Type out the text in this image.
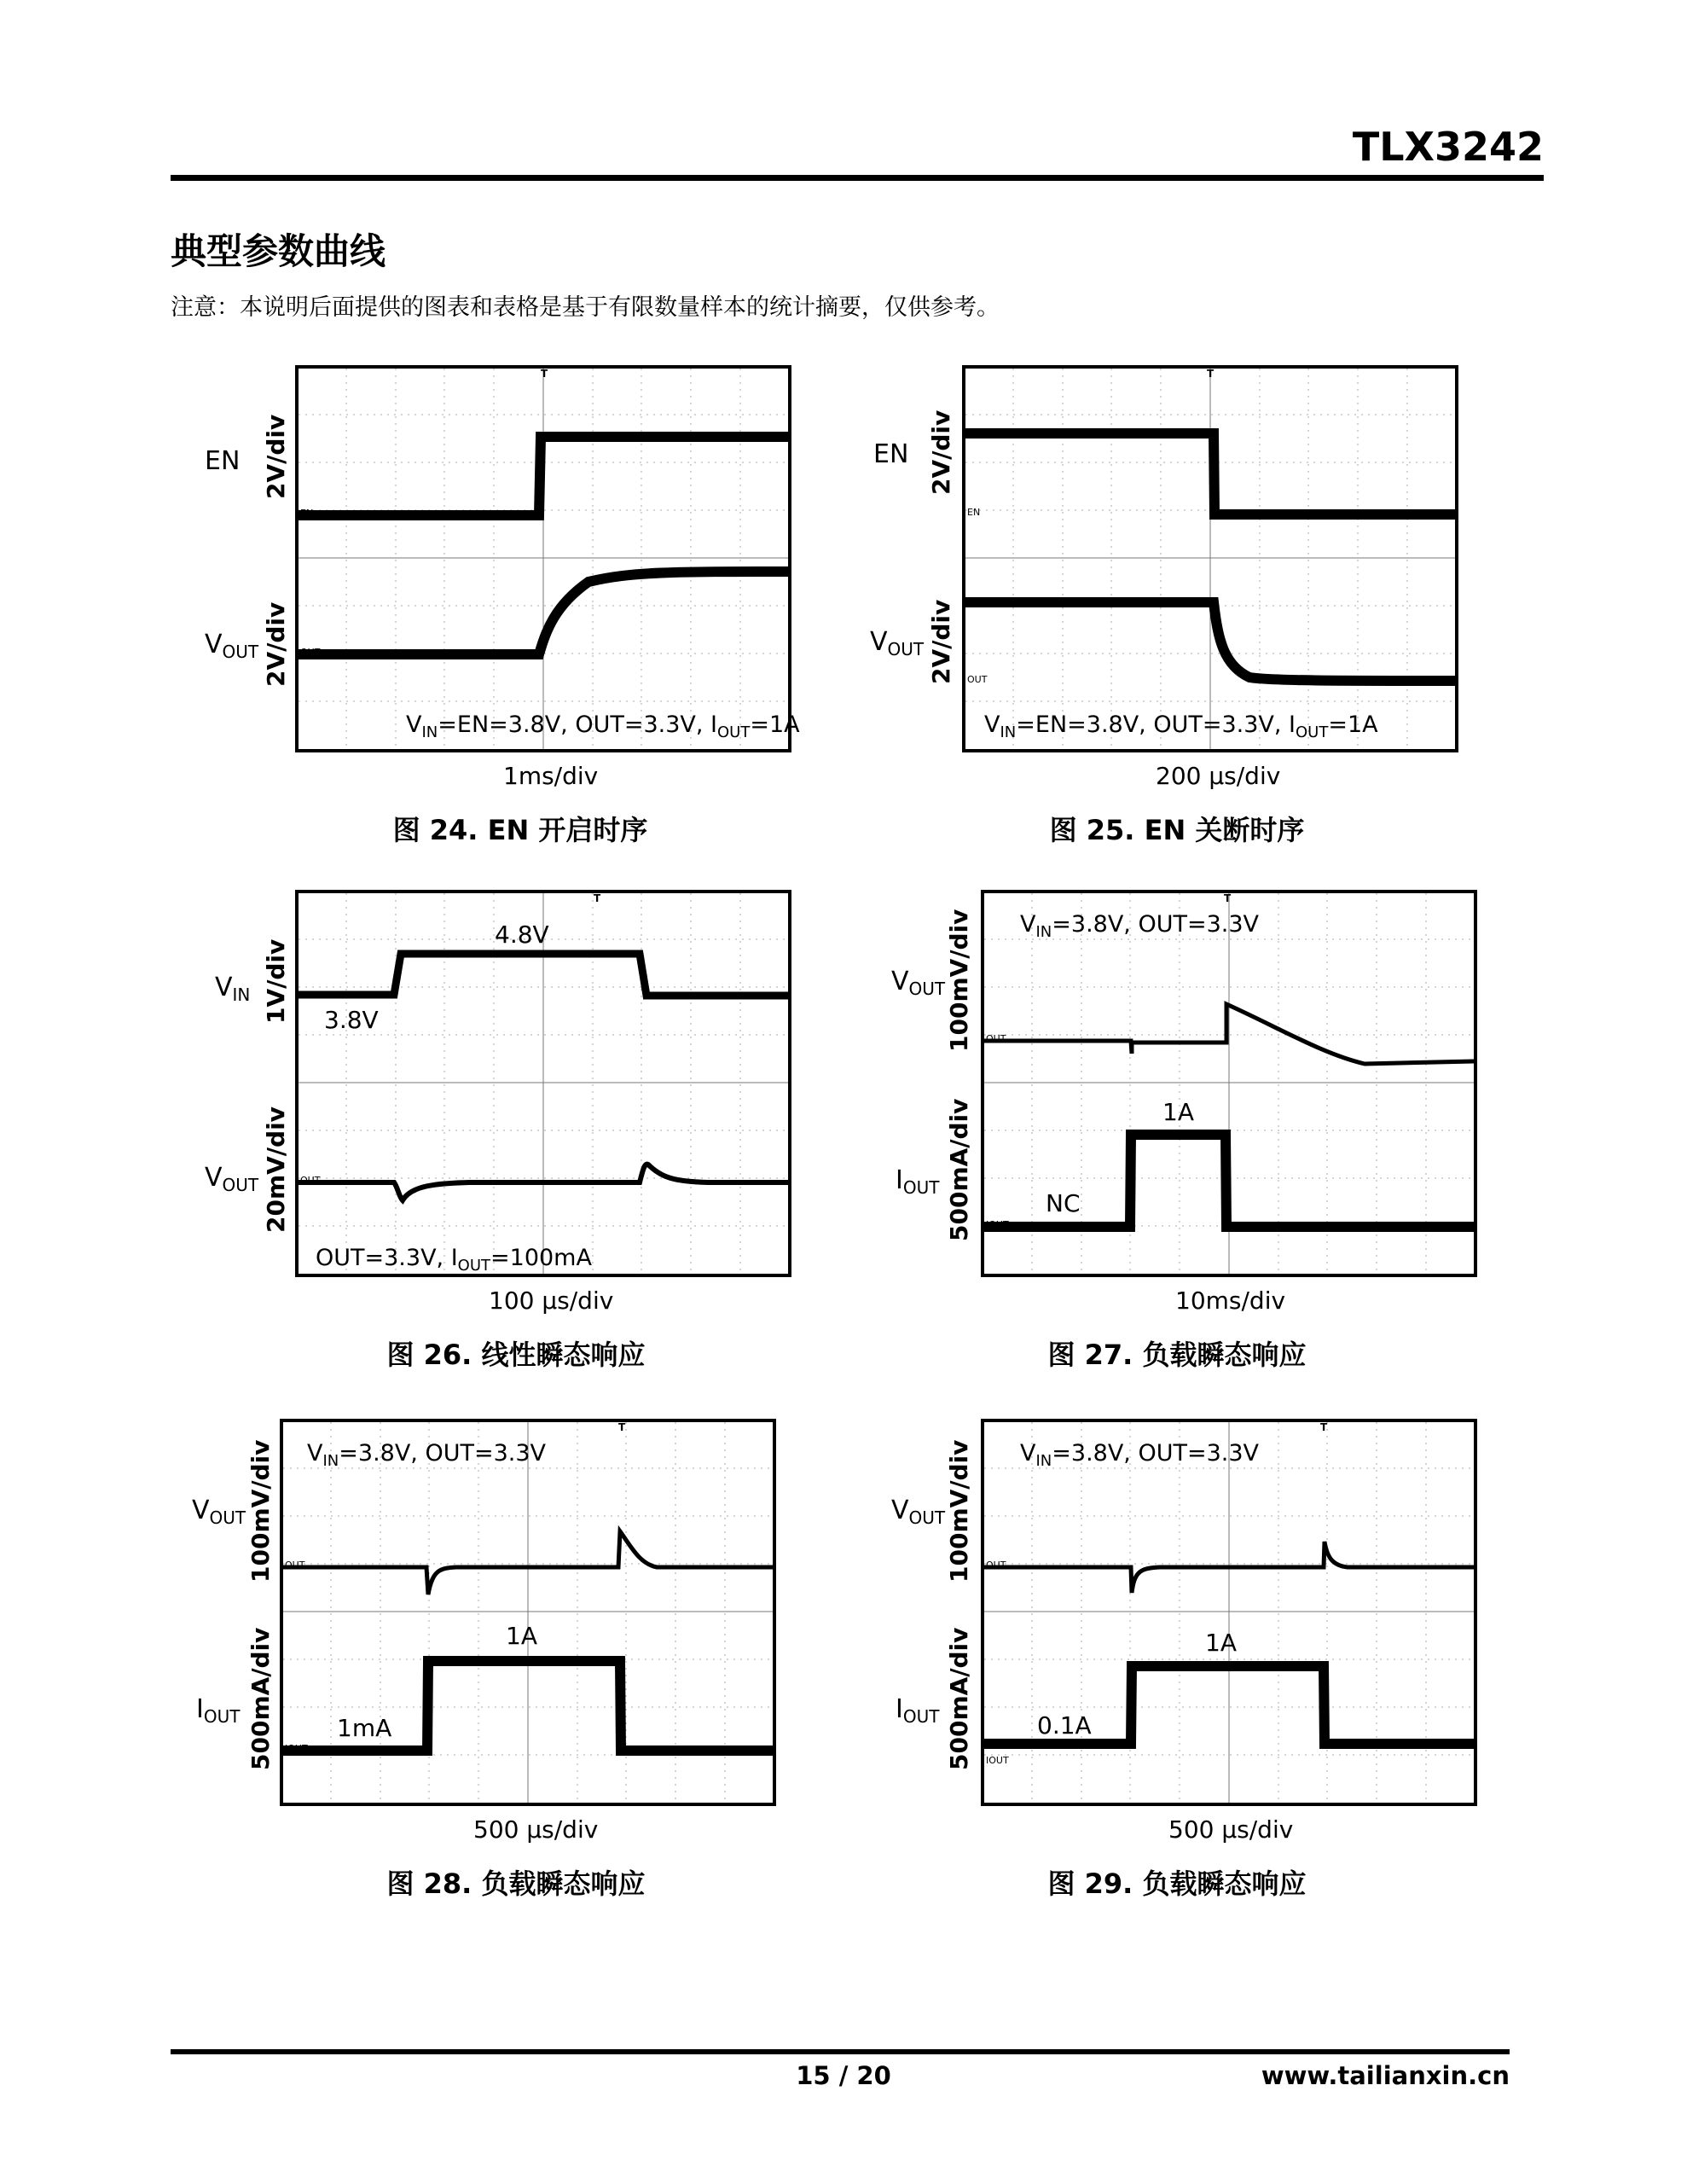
TLX3242
典型参数曲线
注意：本说明后面提供的图表和表格是基于有限数量样本的统计摘要，仅供参考。
EN 2V/div
$V_{OUT}$ 2V/div
T
EN
OUT
$V_{IN}=EN=3.8V$, OUT=3.3V, $I_{OUT}=1A$
1ms/div
图 24. EN 开启时序
EN 2V/div
$V_{OUT}$ 2V/div
T
EN
OUT
$V_{IN}=EN=3.8V$, OUT=3.3V, $I_{OUT}=1A$
200 µs/div
图 25. EN 关断时序
$V_{IN}$ 1V/div
$V_{OUT}$ 20mV/div
T
OUT
4.8V
3.8V
OUT=3.3V, $I_{OUT}=100mA$
100 µs/div
图 26. 线性瞬态响应
$V_{OUT}$ 100mV/div
$I_{OUT}$ 500mA/div
T
OUT
IOUT
$V_{IN}=3.8V$, OUT=3.3V
1A
NC
10ms/div
图 27. 负载瞬态响应
$V_{OUT}$ 100mV/div
$I_{OUT}$ 500mA/div
T
OUT
IOUT
$V_{IN}=3.8V$, OUT=3.3V
1A
1mA
500 µs/div
图 28. 负载瞬态响应
$V_{OUT}$ 100mV/div
$I_{OUT}$ 500mA/div
T
OUT
IOUT
$V_{IN}=3.8V$, OUT=3.3V
1A
0.1A
500 µs/div
图 29. 负载瞬态响应
15 / 20	www.tailianxin.cn
